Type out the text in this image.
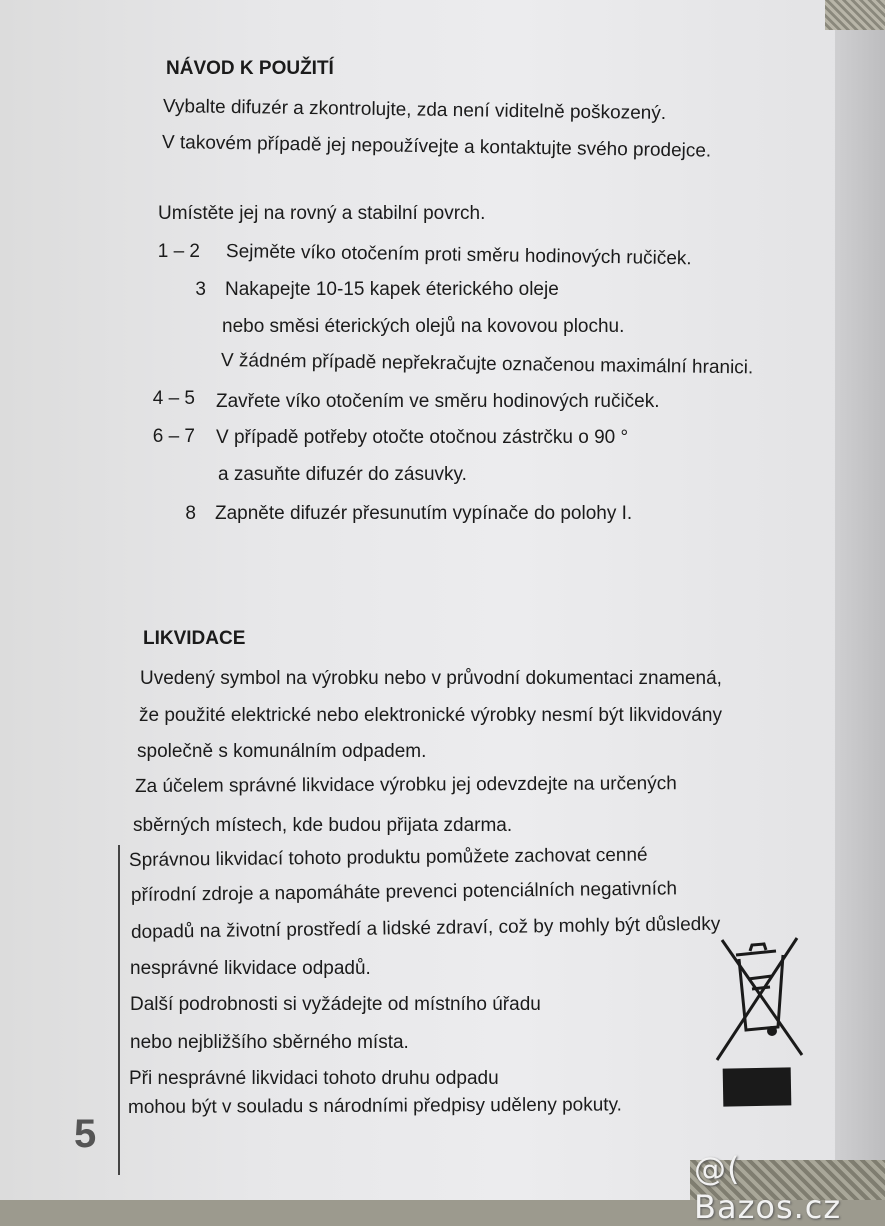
NÁVOD K POUŽITÍ
Vybalte difuzér a zkontrolujte, zda není viditelně poškozený.
V takovém případě jej nepoužívejte a kontaktujte svého prodejce.
Umístěte jej na rovný a stabilní povrch.
1 – 2 Sejměte víko otočením proti směru hodinových ručiček.
3 Nakapejte 10-15 kapek éterického oleje
nebo směsi éterických olejů na kovovou plochu.
V žádném případě nepřekračujte označenou maximální hranici.
4 – 5 Zavřete víko otočením ve směru hodinových ručiček.
6 – 7 V případě potřeby otočte otočnou zástrčku o 90 °
a zasuňte difuzér do zásuvky.
8 Zapněte difuzér přesunutím vypínače do polohy I.
LIKVIDACE
Uvedený symbol na výrobku nebo v průvodní dokumentaci znamená,
že použité elektrické nebo elektronické výrobky nesmí být likvidovány
společně s komunálním odpadem.
Za účelem správné likvidace výrobku jej odevzdejte na určených
sběrných místech, kde budou přijata zdarma.
Správnou likvidací tohoto produktu pomůžete zachovat cenné
přírodní zdroje a napomáháte prevenci potenciálních negativních
dopadů na životní prostředí a lidské zdraví, což by mohly být důsledky
nesprávné likvidace odpadů.
Další podrobnosti si vyžádejte od místního úřadu
nebo nejbližšího sběrného místa.
Při nesprávné likvidaci tohoto druhu odpadu
mohou být v souladu s národními předpisy uděleny pokuty.
5
@( Bazos.cz
